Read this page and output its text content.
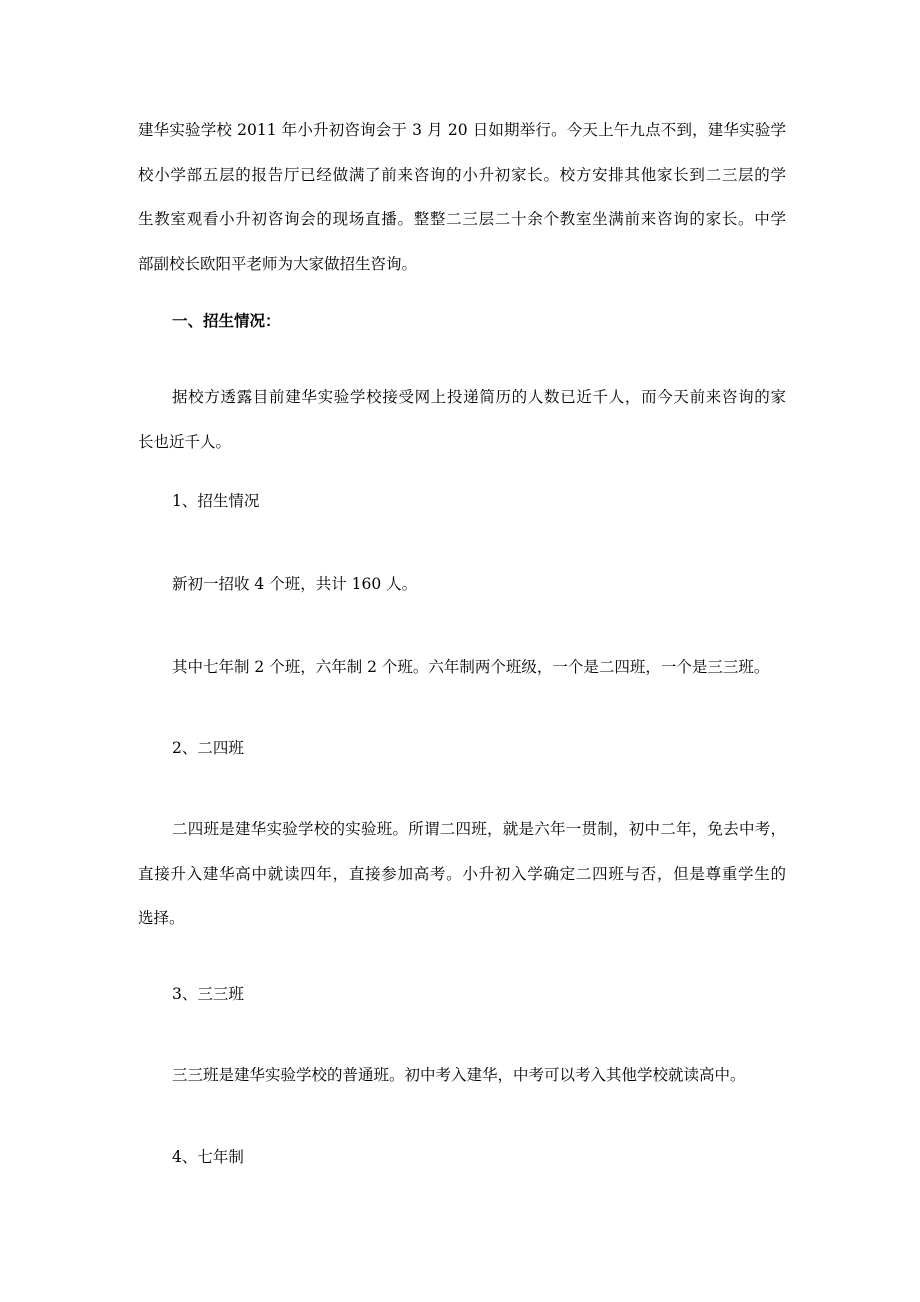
建华实验学校 2011 年小升初咨询会于 3 月 20 日如期举行。今天上午九点不到，建华实验学
校小学部五层的报告厅已经做满了前来咨询的小升初家长。校方安排其他家长到二三层的学
生教室观看小升初咨询会的现场直播。整整二三层二十余个教室坐满前来咨询的家长。中学
部副校长欧阳平老师为大家做招生咨询。

一、招生情况：

据校方透露目前建华实验学校接受网上投递简历的人数已近千人，而今天前来咨询的家
长也近千人。

1、招生情况

新初一招收 4 个班，共计 160 人。

其中七年制 2 个班，六年制 2 个班。六年制两个班级，一个是二四班，一个是三三班。

2、二四班

二四班是建华实验学校的实验班。所谓二四班，就是六年一贯制，初中二年，免去中考，
直接升入建华高中就读四年，直接参加高考。小升初入学确定二四班与否，但是尊重学生的
选择。

3、三三班

三三班是建华实验学校的普通班。初中考入建华，中考可以考入其他学校就读高中。

4、七年制
